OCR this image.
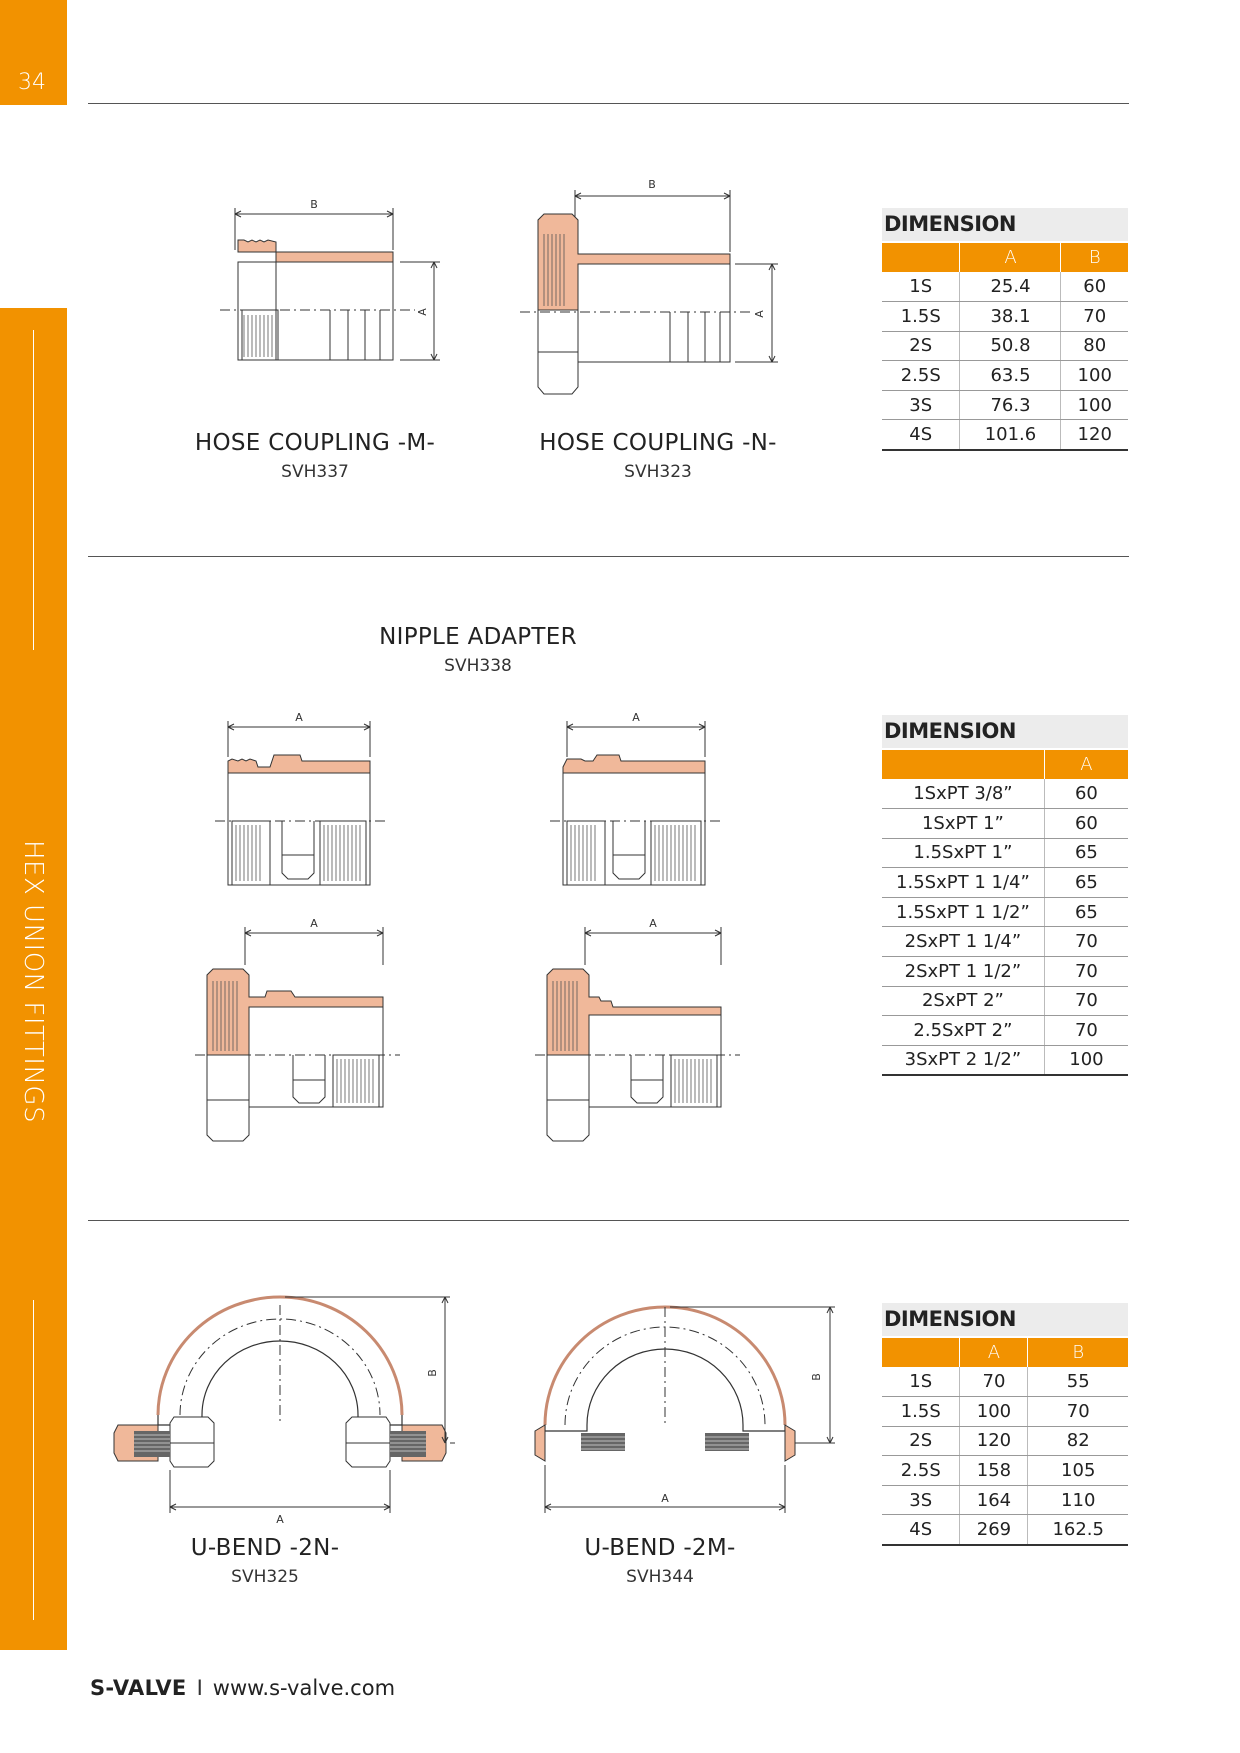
34
HEX UNION FITTINGS
B
A
HOSE COUPLING -M-
SVH337
B
A
HOSE COUPLING -N-
SVH323
DIMENSION
	A	B
1S	25.4	60
1.5S	38.1	70
2S	50.8	80
2.5S	63.5	100
3S	76.3	100
4S	101.6	120
NIPPLE ADAPTER
SVH338
A	A
A	A
DIMENSION
	A
1SxPT 3/8”	60
1SxPT 1”	60
1.5SxPT 1”	65
1.5SxPT 1 1/4”	65
1.5SxPT 1 1/2”	65
2SxPT 1 1/4”	70
2SxPT 1 1/2”	70
2SxPT 2”	70
2.5SxPT 2”	70
3SxPT 2 1/2”	100
A
B
U-BEND -2N-
SVH325
A
B
U-BEND -2M-
SVH344
DIMENSION
	A	B
1S	70	55
1.5S	100	70
2S	120	82
2.5S	158	105
3S	164	110
4S	269	162.5
S-VALVE I www.s-valve.com
